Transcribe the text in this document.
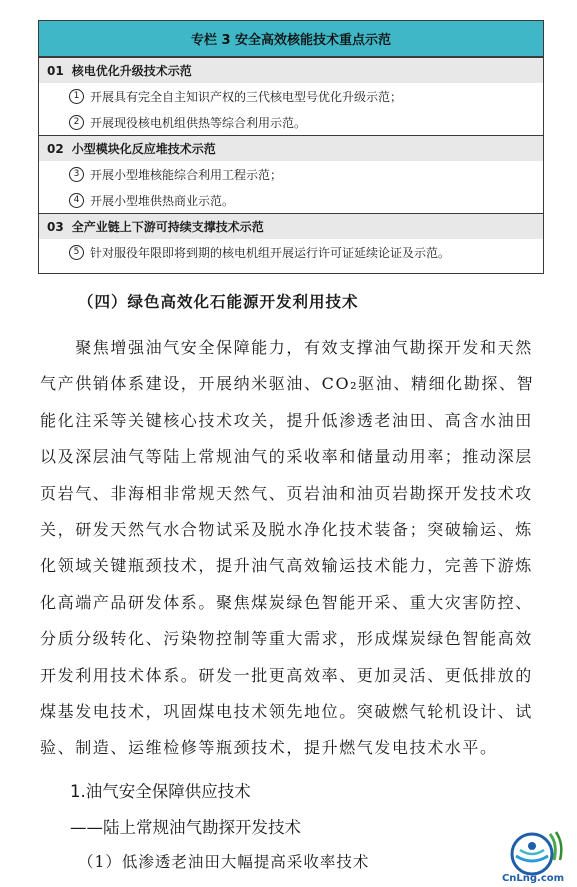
专栏 3 安全高效核能技术重点示范
01 核电优化升级技术示范
1 开展具有完全自主知识产权的三代核电型号优化升级示范；
2 开展现役核电机组供热等综合利用示范。
02 小型模块化反应堆技术示范
3 开展小型堆核能综合利用工程示范；
4 开展小型堆供热商业示范。
03 全产业链上下游可持续支撑技术示范
5 针对服役年限即将到期的核电机组开展运行许可证延续论证及示范。
（四）绿色高效化石能源开发利用技术
　　聚焦增强油气安全保障能力，有效支撑油气勘探开发和天然
气产供销体系建设，开展纳米驱油、CO₂驱油、精细化勘探、智
能化注采等关键核心技术攻关，提升低渗透老油田、高含水油田
以及深层油气等陆上常规油气的采收率和储量动用率；推动深层
页岩气、非海相非常规天然气、页岩油和油页岩勘探开发技术攻
关，研发天然气水合物试采及脱水净化技术装备；突破输运、炼
化领域关键瓶颈技术，提升油气高效输运技术能力，完善下游炼
化高端产品研发体系。聚焦煤炭绿色智能开采、重大灾害防控、
分质分级转化、污染物控制等重大需求，形成煤炭绿色智能高效
开发利用技术体系。研发一批更高效率、更加灵活、更低排放的
煤基发电技术，巩固煤电技术领先地位。突破燃气轮机设计、试
验、制造、运维检修等瓶颈技术，提升燃气发电技术水平。
1.油气安全保障供应技术
——陆上常规油气勘探开发技术
（1）低渗透老油田大幅提高采收率技术
CnLng.com
